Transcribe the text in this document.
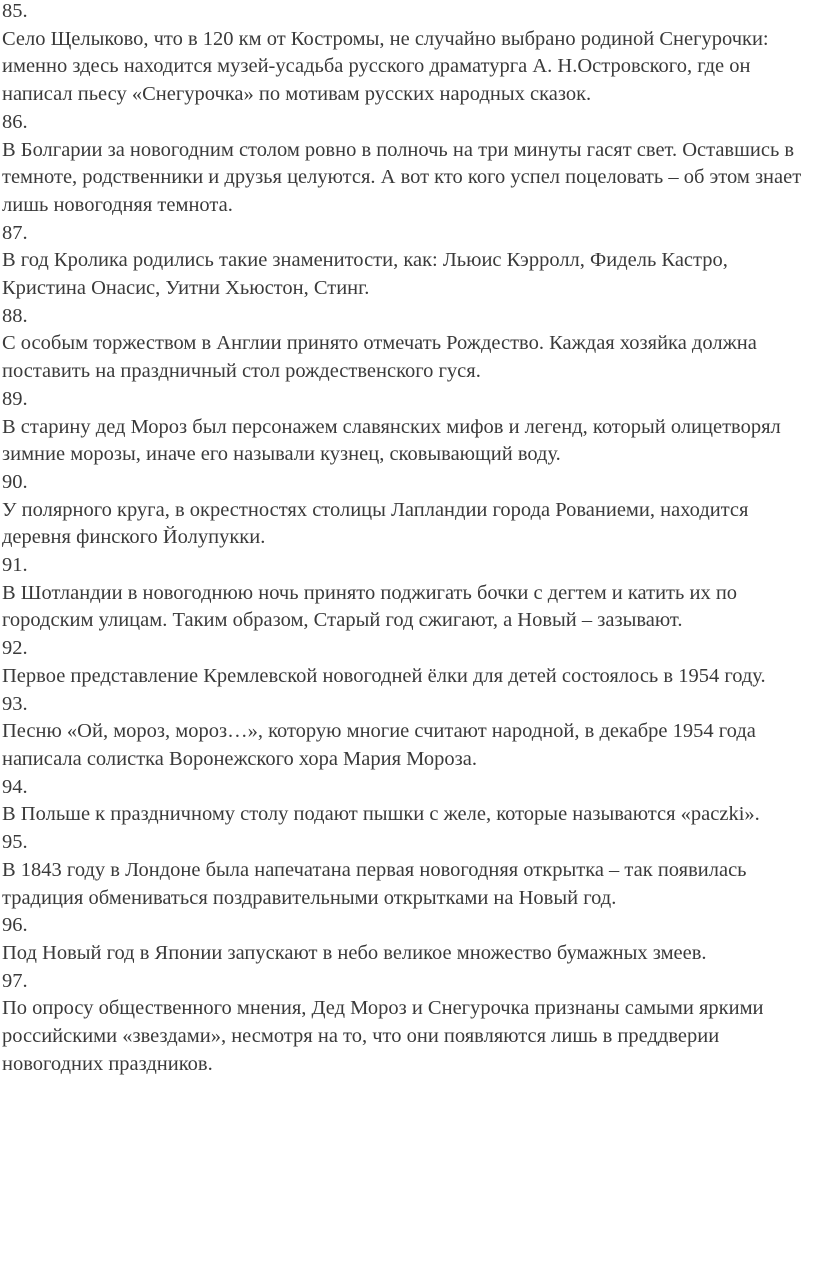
85.
Село Щелыково, что в 120 км от Костромы, не случайно выбрано родиной Снегурочки: именно здесь находится музей-усадьба русского драматурга А. Н.Островского, где он написал пьесу «Снегурочка» по мотивам русских народных сказок.
86.
В Болгарии за новогодним столом ровно в полночь на три минуты гасят свет. Оставшись в темноте, родственники и друзья целуются. А вот кто кого успел поцеловать – об этом знает лишь новогодняя темнота.
87.
В год Кролика родились такие знаменитости, как: Льюис Кэрролл, Фидель Кастро, Кристина Онасис, Уитни Хьюстон, Стинг.
88.
С особым торжеством в Англии принято отмечать Рождество. Каждая хозяйка должна поставить на праздничный стол рождественского гуся.
89.
В старину дед Мороз был персонажем славянских мифов и легенд, который олицетворял зимние морозы, иначе его называли кузнец, сковывающий воду.
90.
У полярного круга, в окрестностях столицы Лапландии города Рованиеми, находится деревня финского Йолупукки.
91.
В Шотландии в новогоднюю ночь принято поджигать бочки с дегтем и катить их по городским улицам. Таким образом, Старый год сжигают, а Новый – зазывают.
92.
Первое представление Кремлевской новогодней ёлки для детей состоялось в 1954 году.
93.
Песню «Ой, мороз, мороз…», которую многие считают народной, в декабре 1954 года написала солистка Воронежского хора Мария Мороза.
94.
В Польше к праздничному столу подают пышки с желе, которые называются «paczki».
95.
В 1843 году в Лондоне была напечатана первая новогодняя открытка – так появилась традиция обмениваться поздравительными открытками на Новый год.
96.
Под Новый год в Японии запускают в небо великое множество бумажных змеев.
97.
По опросу общественного мнения, Дед Мороз и Снегурочка признаны самыми яркими российскими «звездами», несмотря на то, что они появляются лишь в преддверии новогодних праздников.
